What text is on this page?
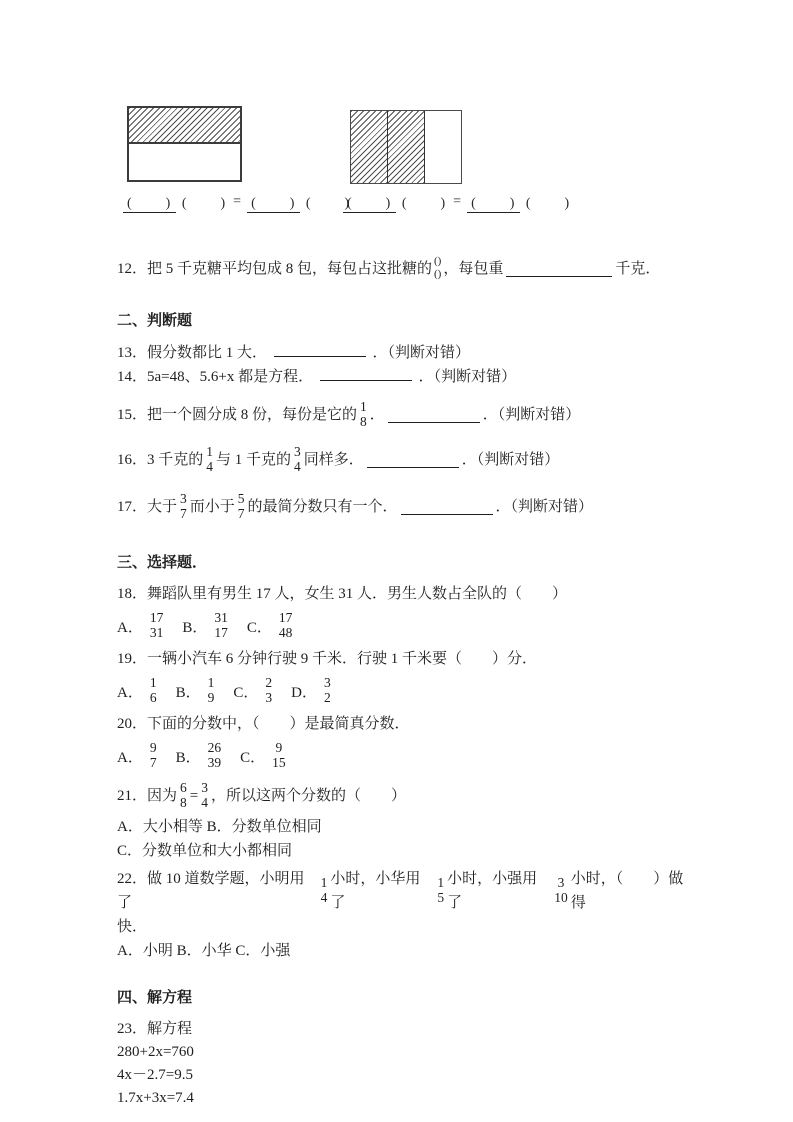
(　　) (　　) = (　　) (　　)
(　　) (　　) = (　　) (　　)
12．把 5 千克糖平均包成 8 包，每包占这批糖的 ()
() ，每包重	千克．
二、判断题
13．假分数都比 1 大．	．（判断对错）
14．5a=48、5.6+x 都是方程．	．（判断对错）
15．把一个圆分成 8 份，每份是它的
1
8 ．	．（判断对错）
16．3 千克的
1
4 与 1 千克的
3
4 同样多．	．（判断对错）
17．大于
3
7 而小于
5
7 的最简分数只有一个．	．（判断对错）
三、选择题．
18．舞蹈队里有男生 17 人，女生 31 人．男生人数占全队的（　　）
A．
17
31 B．
31
17 C．
17
48
19．一辆小汽车 6 分钟行驶 9 千米．行驶 1 千米要（　　）分．
A．
1
6 B．
1
9 C．
2
3 D．
3
2
20．下面的分数中，（　　）是最简真分数．
A．
9
7 B．
26
39 C．
9
15
21．因为
6
8 =
3
4 ，所以这两个分数的（　　）
A．大小相等 B．分数单位相同
C．分数单位和大小都相同
22．做 10 道数学题，小明用了
1
4
小时，小华用了
1
5
小时，小强用了
3
10
小时，（　　）做得
快．
A．小明 B．小华 C．小强
四、解方程
23．解方程
280+2x=760
4x－2.7=9.5
1.7x+3x=7.4
